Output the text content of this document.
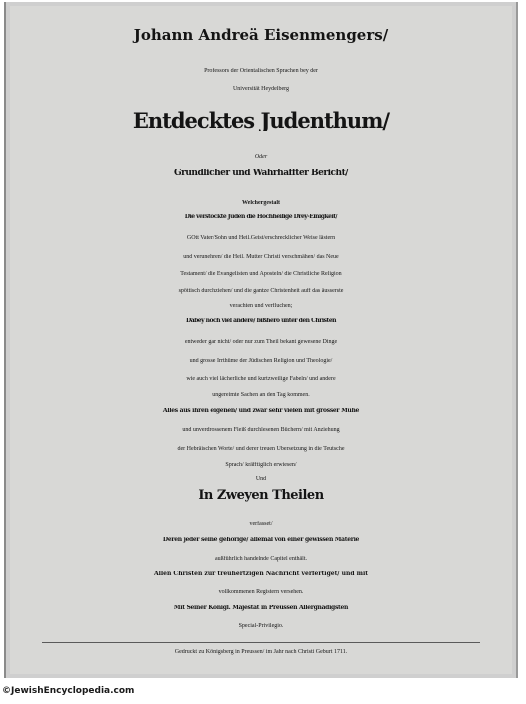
Johann Andreä Eisenmengers/
Professors der Orientalischen Sprachen bey der
Universität Heydelberg
Entdecktes Judenthum/
Oder
Gründlicher und Wahrhaffter Bericht/
Welchergestalt
Die verstockte Juden die Hochheilige Drey-Einigkeit/
GOtt Vater/Sohn und Heil.Geist/erschrecklicher Weise lästern
und verunehren/ die Heil. Mutter Christi verschmähen/ das Neue
Testament/ die Evangelisten und Aposteln/ die Christliche Religion
spöttisch durchziehen/ und die gantze Christenheit auff das äusserste
verachten und verfluchen;
Dabey noch viel andere/ bißhero unter den Christen
entweder gar nicht/ oder nur zum Theil bekant gewesene Dinge
und grosse Irrthüme der Jüdischen Religion und Theologie/
wie auch viel lächerliche und kurtzweilige Fabeln/ und andere
ungereimte Sachen an den Tag kommen.
Alles aus ihren eigenen/ und zwar sehr vielen mit grosser Mühe
und unverdrossenem Fleiß durchlesenen Büchern/ mit Anziehung
der Hebräischen Worte/ und derer treuen Ubersetzung in die Teutsche
Sprach/ kräfftiglich erwiesen/
Und
In Zweyen Theilen
verfasset/
Deren jeder seine gehörige/ allemal von einer gewissen Materie
außführlich handelnde Capitel enthält.
Allen Christen zur treuhertzigen Nachricht verfertiget/ und mit
vollkommenen Registern versehen.
Mit Seiner Königl. Majestät in Preussen Allergnädigsten
Special-Privilegio.
Gedruckt zu Königsberg in Preussen/ im Jahr nach Christi Geburt 1711.
©JewishEncyclopedia.com
